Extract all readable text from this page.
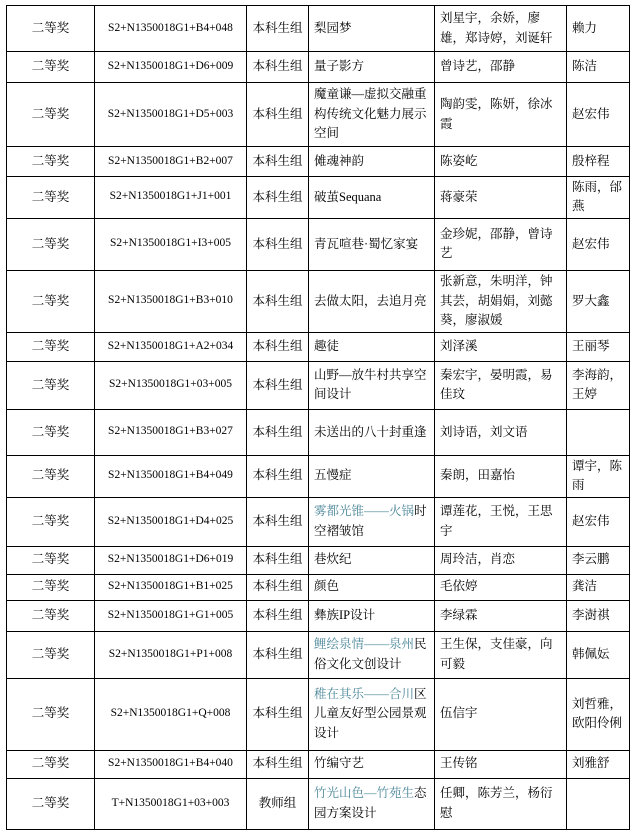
二等奖	S2+N1350018G1+B4+048	本科生组	梨园梦	刘星宇，余娇，廖雄，郑诗婷，刘诞轩	赖力
二等奖	S2+N1350018G1+D6+009	本科生组	量子影方	曾诗艺，邵静	陈洁
二等奖	S2+N1350018G1+D5+003	本科生组	魔童谦—虚拟交融重构传统文化魅力展示空间	陶韵雯，陈妍，徐冰霞	赵宏伟
二等奖	S2+N1350018G1+B2+007	本科生组	傩魂神韵	陈姿屹	殷梓程
二等奖	S2+N1350018G1+J1+001	本科生组	破茧Sequana	蒋豪荣	陈雨，邰燕
二等奖	S2+N1350018G1+I3+005	本科生组	青瓦喧巷·蜀忆家宴	金珍妮，邵静，曾诗艺	赵宏伟
二等奖	S2+N1350018G1+B3+010	本科生组	去做太阳，去追月亮	张新意，朱明洋，钟其芸，胡娟娟，刘懿葵，廖淑媛	罗大鑫
二等奖	S2+N1350018G1+A2+034	本科生组	趣徒	刘泽溪	王丽琴
二等奖	S2+N1350018G1+03+005	本科生组	山野—放牛村共享空间设计	秦宏宇，晏明霞，易佳玟	李海韵，王婷
二等奖	S2+N1350018G1+B3+027	本科生组	未送出的八十封重逢	刘诗语，刘文语	
二等奖	S2+N1350018G1+B4+049	本科生组	五慢症	秦朗，田嘉怡	谭宇，陈雨
二等奖	S2+N1350018G1+D4+025	本科生组	雾都光锥——火锅时空褶皱馆	谭莲花，王悦，王思宇	赵宏伟
二等奖	S2+N1350018G1+D6+019	本科生组	巷炊纪	周玲洁，肖恋	李云鹏
二等奖	S2+N1350018G1+B1+025	本科生组	颜色	毛依婷	龚洁
二等奖	S2+N1350018G1+G1+005	本科生组	彝族IP设计	李绿霖	李澍祺
二等奖	S2+N1350018G1+P1+008	本科生组	鲤绘泉情——泉州民俗文化文创设计	王生保，支佳豪，向可毅	韩佩妘
二等奖	S2+N1350018G1+Q+008	本科生组	稚在其乐——合川区儿童友好型公园景观设计	伍信宇	刘哲雅，欧阳伶俐
二等奖	S2+N1350018G1+B4+040	本科生组	竹编守艺	王传铭	刘雅舒
二等奖	T+N1350018G1+03+003	教师组	竹光山色—竹苑生态园方案设计	任卿，陈芳兰，杨衍慰	
